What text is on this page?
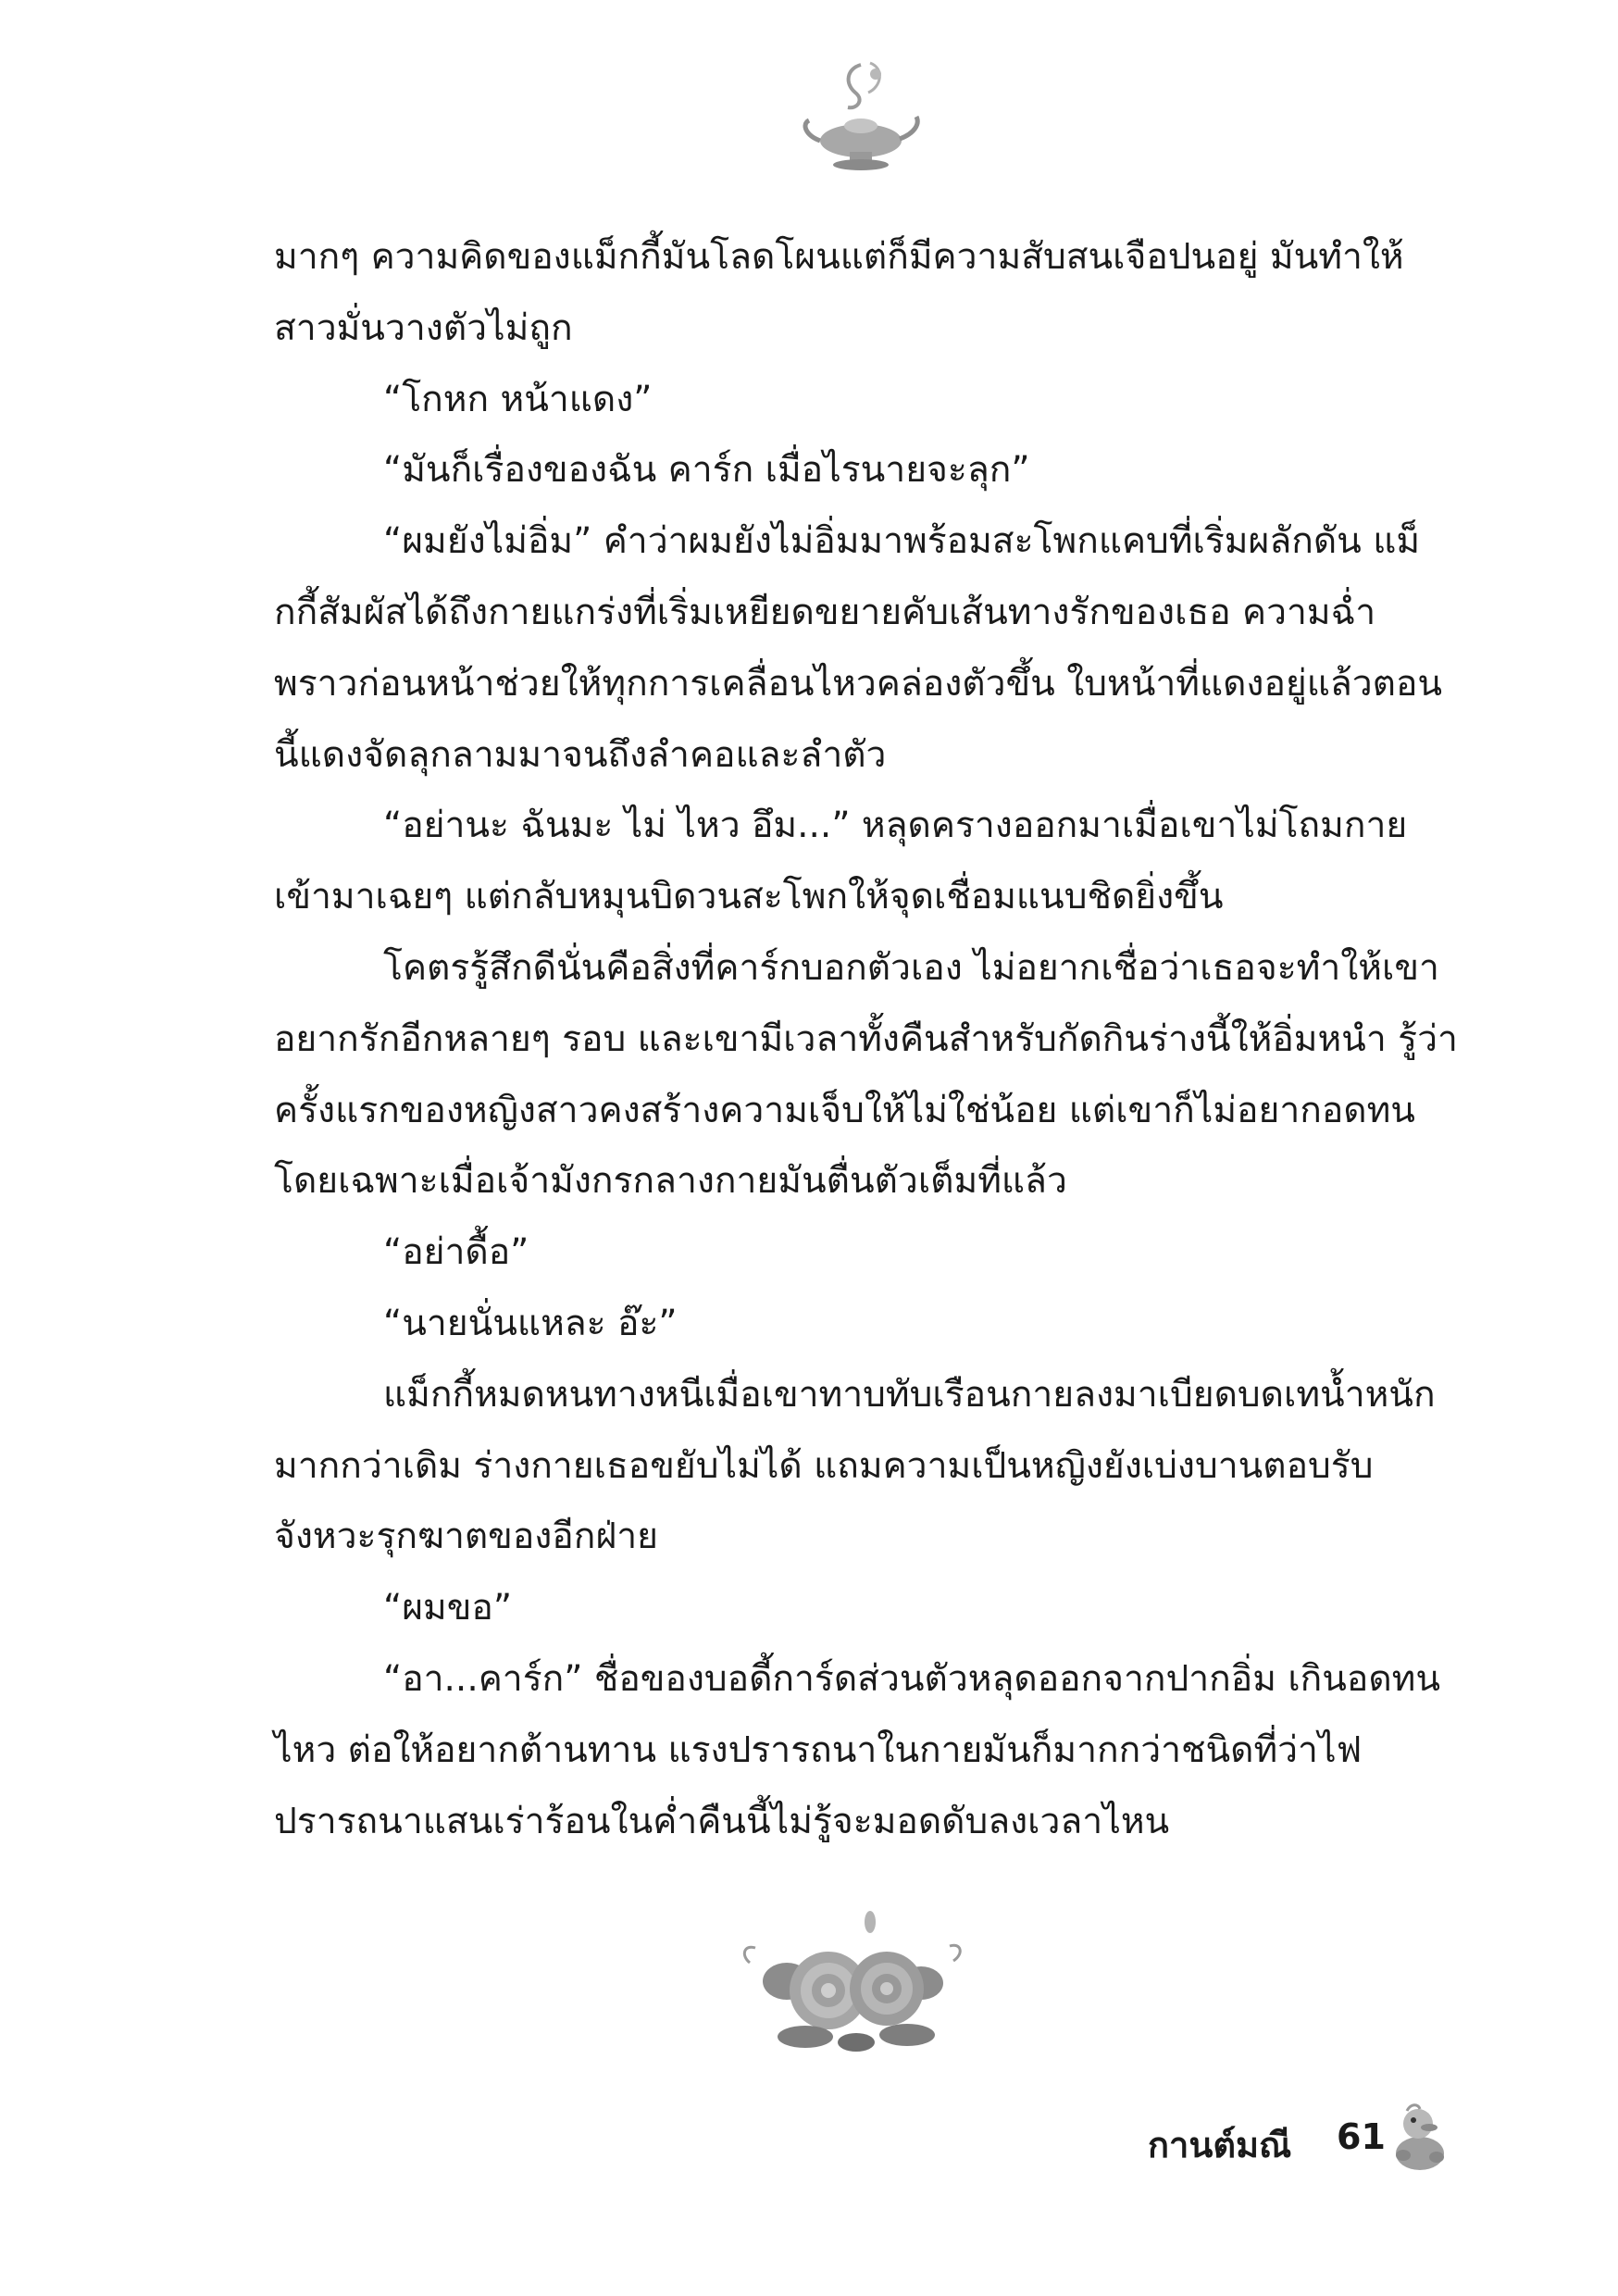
มากๆ ความคิดของแม็กกี้มันโลดโผนแต่ก็มีความสับสนเจือปนอยู่ มันทำให้สาวมั่นวางตัวไม่ถูก

“โกหก หน้าแดง”

“มันก็เรื่องของฉัน คาร์ก เมื่อไรนายจะลุก”

“ผมยังไม่อิ่ม” คำว่าผมยังไม่อิ่มมาพร้อมสะโพกแคบที่เริ่มผลักดัน แม็กกี้สัมผัสได้ถึงกายแกร่งที่เริ่มเหยียดขยายคับเส้นทางรักของเธอ ความฉ่ำพราวก่อนหน้าช่วยให้ทุกการเคลื่อนไหวคล่องตัวขึ้น ใบหน้าที่แดงอยู่แล้วตอนนี้แดงจัดลุกลามมาจนถึงลำคอและลำตัว

“อย่านะ ฉันมะ ไม่ ไหว อึม...” หลุดครางออกมาเมื่อเขาไม่โถมกายเข้ามาเฉยๆ แต่กลับหมุนบิดวนสะโพกให้จุดเชื่อมแนบชิดยิ่งขึ้น

โคตรรู้สึกดีนั่นคือสิ่งที่คาร์กบอกตัวเอง ไม่อยากเชื่อว่าเธอจะทำให้เขาอยากรักอีกหลายๆ รอบ และเขามีเวลาทั้งคืนสำหรับกัดกินร่างนี้ให้อิ่มหนำ รู้ว่าครั้งแรกของหญิงสาวคงสร้างความเจ็บให้ไม่ใช่น้อย แต่เขาก็ไม่อยากอดทน โดยเฉพาะเมื่อเจ้ามังกรกลางกายมันตื่นตัวเต็มที่แล้ว

“อย่าดื้อ”

“นายนั่นแหละ อ๊ะ”

แม็กกี้หมดหนทางหนีเมื่อเขาทาบทับเรือนกายลงมาเบียดบดเทน้ำหนักมากกว่าเดิม ร่างกายเธอขยับไม่ได้ แถมความเป็นหญิงยังเบ่งบานตอบรับจังหวะรุกฆาตของอีกฝ่าย

“ผมขอ”

“อา...คาร์ก” ชื่อของบอดี้การ์ดส่วนตัวหลุดออกจากปากอิ่ม เกินอดทนไหว ต่อให้อยากต้านทาน แรงปรารถนาในกายมันก็มากกว่าชนิดที่ว่าไฟปรารถนาแสนเร่าร้อนในค่ำคืนนี้ไม่รู้จะมอดดับลงเวลาไหน

กานต์มณี 61
